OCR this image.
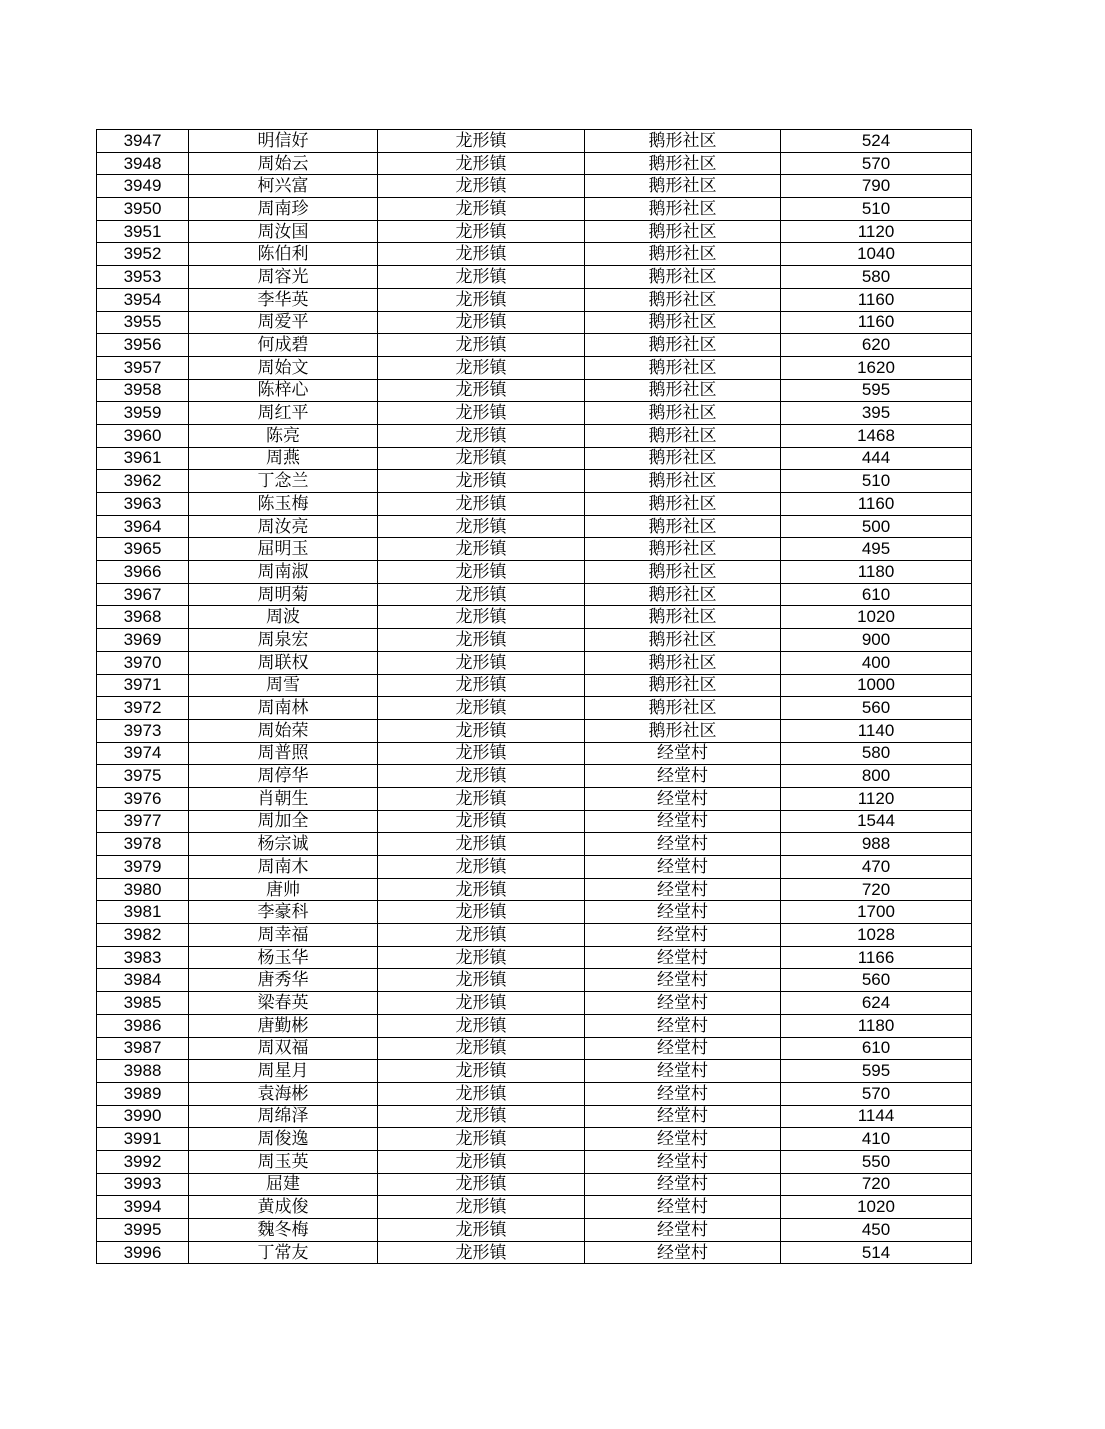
3947	明信好	龙形镇	鹅形社区	524
3948	周始云	龙形镇	鹅形社区	570
3949	柯兴富	龙形镇	鹅形社区	790
3950	周南珍	龙形镇	鹅形社区	510
3951	周汝国	龙形镇	鹅形社区	1120
3952	陈伯利	龙形镇	鹅形社区	1040
3953	周容光	龙形镇	鹅形社区	580
3954	李华英	龙形镇	鹅形社区	1160
3955	周爱平	龙形镇	鹅形社区	1160
3956	何成碧	龙形镇	鹅形社区	620
3957	周始文	龙形镇	鹅形社区	1620
3958	陈梓心	龙形镇	鹅形社区	595
3959	周红平	龙形镇	鹅形社区	395
3960	陈亮	龙形镇	鹅形社区	1468
3961	周燕	龙形镇	鹅形社区	444
3962	丁念兰	龙形镇	鹅形社区	510
3963	陈玉梅	龙形镇	鹅形社区	1160
3964	周汝亮	龙形镇	鹅形社区	500
3965	屈明玉	龙形镇	鹅形社区	495
3966	周南淑	龙形镇	鹅形社区	1180
3967	周明菊	龙形镇	鹅形社区	610
3968	周波	龙形镇	鹅形社区	1020
3969	周泉宏	龙形镇	鹅形社区	900
3970	周联权	龙形镇	鹅形社区	400
3971	周雪	龙形镇	鹅形社区	1000
3972	周南林	龙形镇	鹅形社区	560
3973	周始荣	龙形镇	鹅形社区	1140
3974	周普照	龙形镇	经堂村	580
3975	周停华	龙形镇	经堂村	800
3976	肖朝生	龙形镇	经堂村	1120
3977	周加全	龙形镇	经堂村	1544
3978	杨宗诚	龙形镇	经堂村	988
3979	周南木	龙形镇	经堂村	470
3980	唐帅	龙形镇	经堂村	720
3981	李豪科	龙形镇	经堂村	1700
3982	周幸福	龙形镇	经堂村	1028
3983	杨玉华	龙形镇	经堂村	1166
3984	唐秀华	龙形镇	经堂村	560
3985	梁春英	龙形镇	经堂村	624
3986	唐勤彬	龙形镇	经堂村	1180
3987	周双福	龙形镇	经堂村	610
3988	周星月	龙形镇	经堂村	595
3989	袁海彬	龙形镇	经堂村	570
3990	周绵泽	龙形镇	经堂村	1144
3991	周俊逸	龙形镇	经堂村	410
3992	周玉英	龙形镇	经堂村	550
3993	屈建	龙形镇	经堂村	720
3994	黄成俊	龙形镇	经堂村	1020
3995	魏冬梅	龙形镇	经堂村	450
3996	丁常友	龙形镇	经堂村	514
